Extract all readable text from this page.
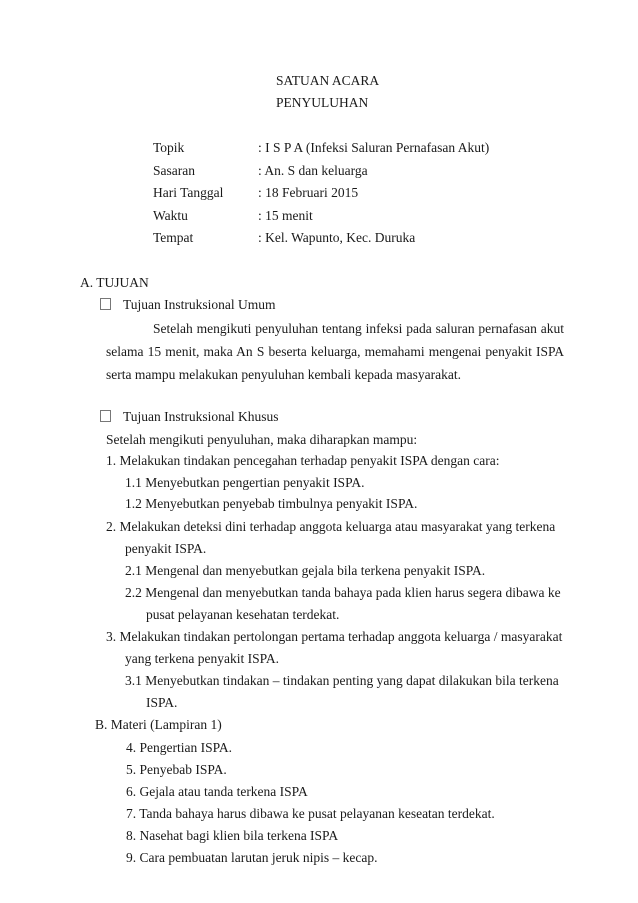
SATUAN ACARA
PENYULUHAN
Topik	: I S P A (Infeksi Saluran Pernafasan Akut)
Sasaran	: An. S dan keluarga
Hari Tanggal	: 18 Februari 2015
Waktu	: 15 menit
Tempat	: Kel. Wapunto, Kec. Duruka
A. TUJUAN
Tujuan Instruksional Umum
Setelah mengikuti penyuluhan tentang infeksi pada saluran pernafasan akut
selama 15 menit, maka An S beserta keluarga, memahami mengenai penyakit ISPA
serta mampu melakukan penyuluhan kembali kepada masyarakat.
Tujuan Instruksional Khusus
Setelah mengikuti penyuluhan, maka diharapkan mampu:
1. Melakukan tindakan pencegahan terhadap penyakit ISPA dengan cara:
1.1 Menyebutkan pengertian penyakit ISPA.
1.2 Menyebutkan penyebab timbulnya penyakit ISPA.
2. Melakukan deteksi dini terhadap anggota keluarga atau masyarakat yang terkena
penyakit ISPA.
2.1 Mengenal dan menyebutkan gejala bila terkena penyakit ISPA.
2.2 Mengenal dan menyebutkan tanda bahaya pada klien harus segera dibawa ke
pusat pelayanan kesehatan terdekat.
3. Melakukan tindakan pertolongan pertama terhadap anggota keluarga / masyarakat
yang terkena penyakit ISPA.
3.1 Menyebutkan tindakan – tindakan penting yang dapat dilakukan bila terkena
ISPA.
B. Materi (Lampiran 1)
4. Pengertian ISPA.
5. Penyebab ISPA.
6. Gejala atau tanda terkena ISPA
7. Tanda bahaya harus dibawa ke pusat pelayanan keseatan terdekat.
8. Nasehat bagi klien bila terkena ISPA
9. Cara pembuatan larutan jeruk nipis – kecap.
